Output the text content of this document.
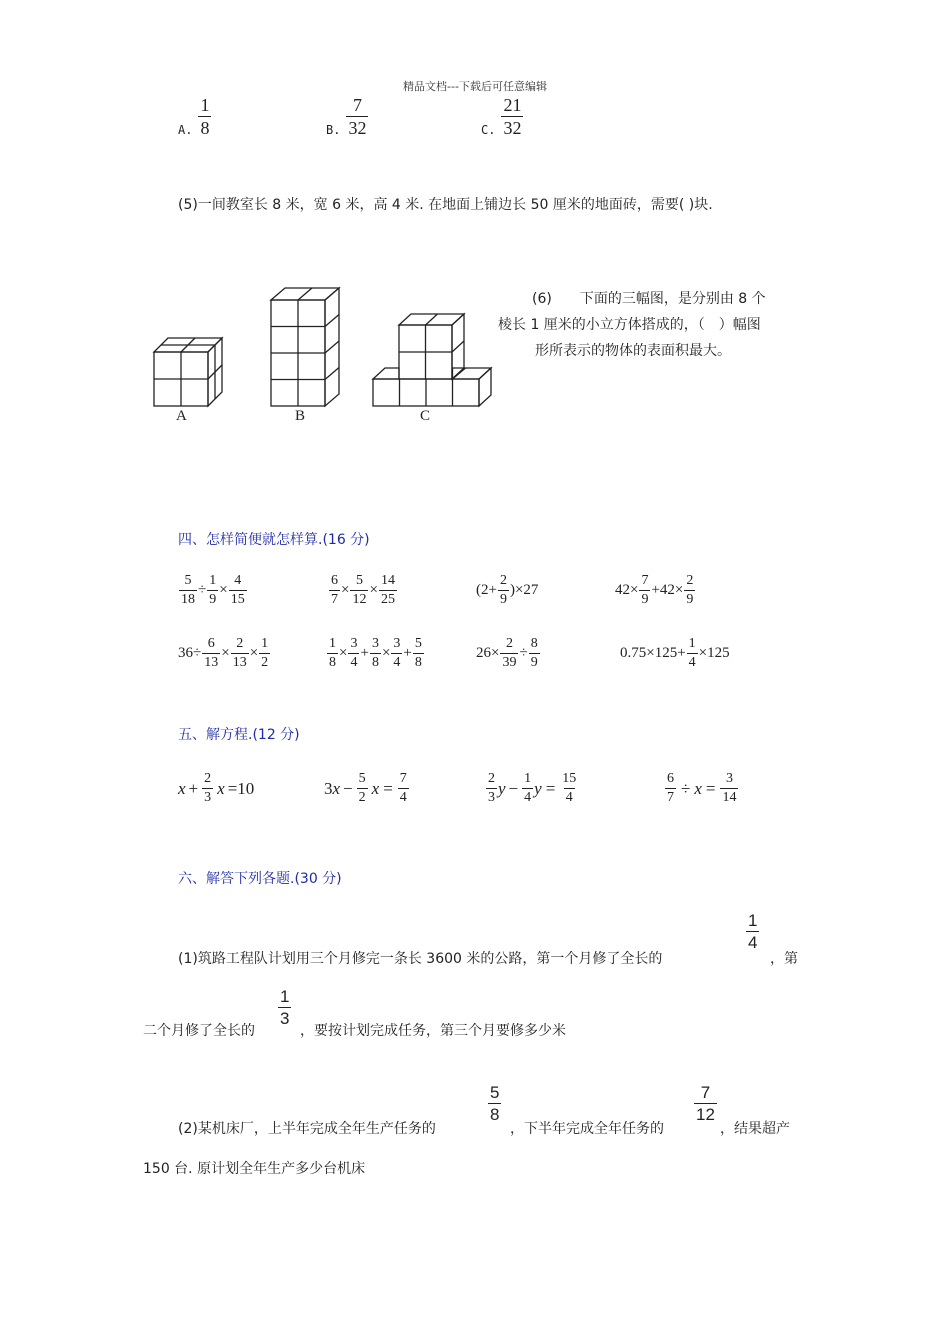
精品文档---下载后可任意编辑
A. $\frac{1}{8}$	B. $\frac{7}{32}$	C. $\frac{21}{32}$
(5)一间教室长 8 米，宽 6 米，高 4 米. 在地面上铺边长 50 厘米的地面砖，需要( )块.
A	B	C
(6)　　下面的三幅图，是分别由 8 个
棱长 1 厘米的小立方体搭成的，（　）幅图
形所表示的物体的表面积最大。
四、怎样简便就怎样算.(16 分)
$\frac{5}{18} \div \frac{1}{9} \times \frac{4}{15}$	$\frac{6}{7} \times \frac{5}{12} \times \frac{14}{25}$	$(2+ \frac{2}{9} )\times 27$	$42\times \frac{7}{9} +42\times \frac{2}{9}$
$36\div \frac{6}{13} \times \frac{2}{13} \times \frac{1}{2}$	$\frac{1}{8} \times \frac{3}{4} + \frac{3}{8} \times \frac{3}{4} + \frac{5}{8}$	$26\times \frac{2}{39} \div \frac{8}{9}$	$0.75\times 125+ \frac{1}{4} \times 125$
五、解方程.(12 分)
$x + \frac{2}{3}$ x =10	3 $x - \frac{5}{2}$ $x = \frac{7}{4}$	$\frac{2}{3}$ $y - \frac{1}{4}$ $y = \frac{15}{4}$	$\frac{6}{7} \div x = \frac{3}{14}$
六、解答下列各题.(30 分)
(1)筑路工程队计划用三个月修完一条长 3600 米的公路，第一个月修了全长的
$\frac{1}{4}$
，第
二个月修了全长的
$\frac{1}{3}$
，要按计划完成任务，第三个月要修多少米
(2)某机床厂，上半年完成全年生产任务的
$\frac{5}{8}$
，下半年完成全年任务的
$\frac{7}{12}$
，结果超产
150 台. 原计划全年生产多少台机床
